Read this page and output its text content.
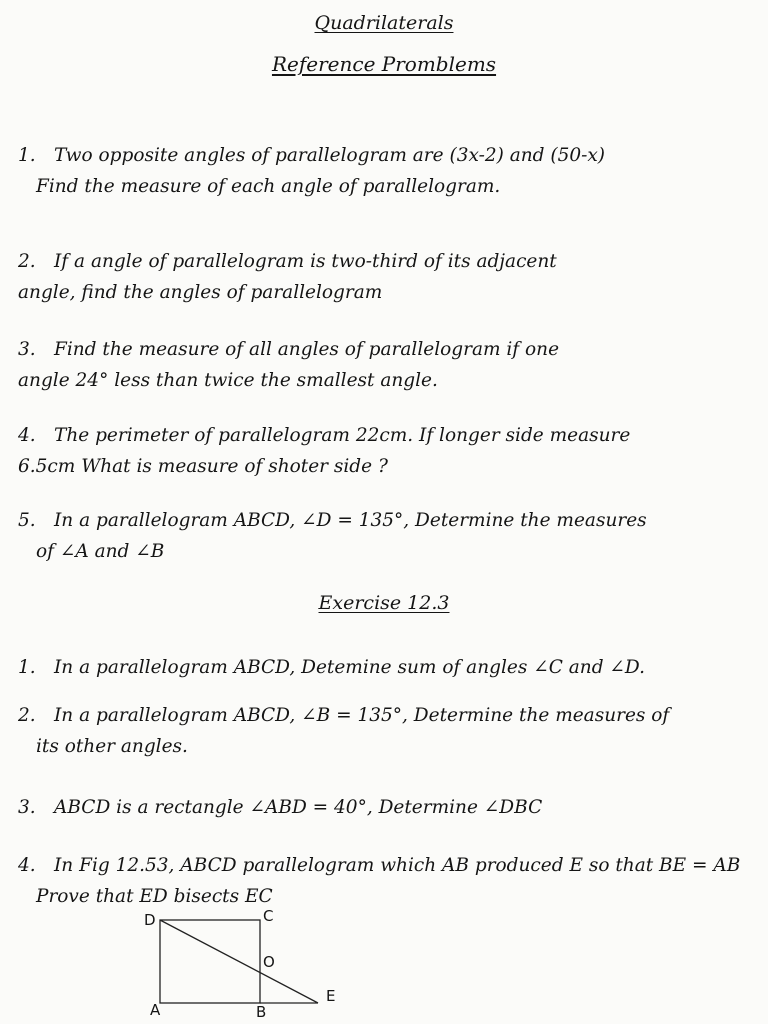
Quadrilaterals
Reference Promblems
1. Two opposite angles of parallelogram are (3x-2) and (50-x)
Find the measure of each angle of parallelogram.
2. If a angle of parallelogram is two-third of its adjacent
angle, find the angles of parallelogram
3. Find the measure of all angles of parallelogram if one
angle 24° less than twice the smallest angle.
4. The perimeter of parallelogram 22cm. If longer side measure
6.5cm What is measure of shoter side ?
5. In a parallelogram ABCD, ∠D = 135°, Determine the measures
of ∠A and ∠B
Exercise 12.3
1. In a parallelogram ABCD, Detemine sum of angles ∠C and ∠D.
2. In a parallelogram ABCD, ∠B = 135°, Determine the measures of
its other angles.
3. ABCD is a rectangle ∠ABD = 40°, Determine ∠DBC
4. In Fig 12.53, ABCD parallelogram which AB produced E so that BE = AB
Prove that ED bisects EC
D	C
O
A	B
E
